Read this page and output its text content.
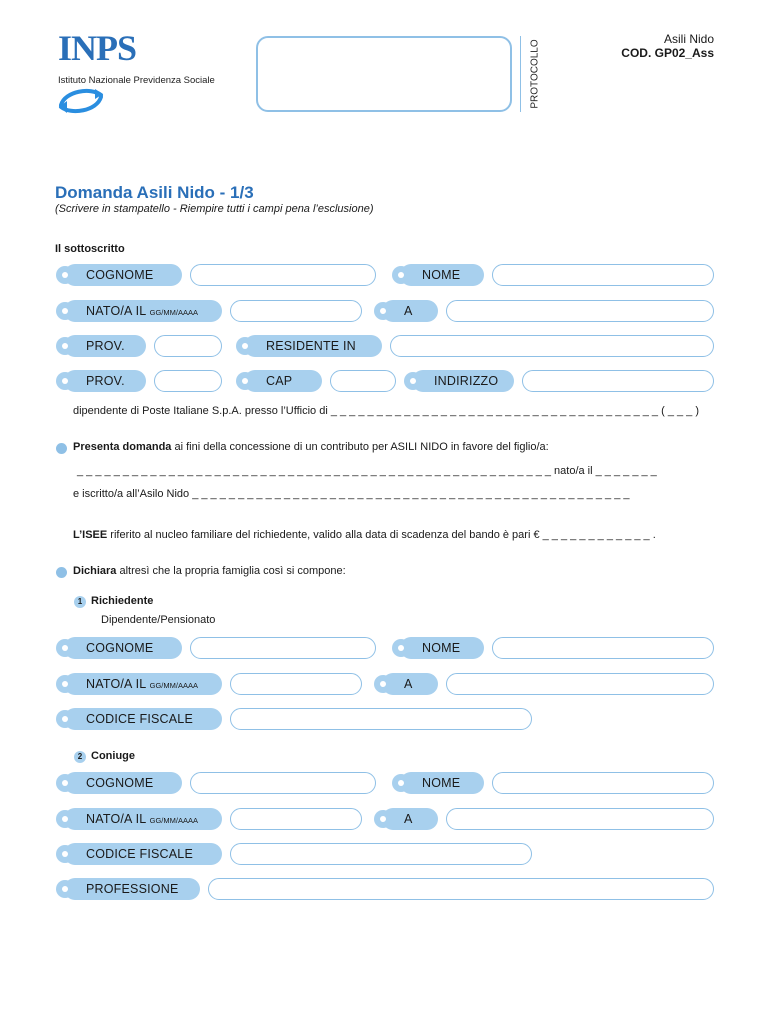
INPS
Istituto Nazionale Previdenza Sociale	PROTOCOLLO
Asili Nido
COD. GP02_Ass
Domanda Asili Nido - 1/3
(Scrivere in stampatello - Riempire tutti i campi pena l’esclusione)
Il sottoscritto
COGNOME	NOME
NATO/A IL GG/MM/AAAA	A
PROV.	RESIDENTE IN
PROV.	CAP	INDIRIZZO
dipendente di Poste Italiane S.p.A. presso l’Ufficio di _ _ _ _ _ _ _ _ _ _ _ _ _ _ _ _ _ _ _ _ _ _ _ _ _ _ _ _ _ _ _ _ _ _ _ _ ( _ _ _ )
Presenta domanda ai fini della concessione di un contributo per ASILI NIDO in favore del figlio/a:
_ _ _ _ _ _ _ _ _ _ _ _ _ _ _ _ _ _ _ _ _ _ _ _ _ _ _ _ _ _ _ _ _ _ _ _ _ _ _ _ _ _ _ _ _ _ _ _ _ _ _ _ nato/a il _ _ _ _ _ _ _
e iscritto/a all’Asilo Nido _ _ _ _ _ _ _ _ _ _ _ _ _ _ _ _ _ _ _ _ _ _ _ _ _ _ _ _ _ _ _ _ _ _ _ _ _ _ _ _ _ _ _ _ _ _ _ _
L’ISEE riferito al nucleo familiare del richiedente, valido alla data di scadenza del bando è pari € _ _ _ _ _ _ _ _ _ _ _ _ .
Dichiara altresì che la propria famiglia così si compone:
1 Richiedente
Dipendente/Pensionato
COGNOME	NOME
NATO/A IL GG/MM/AAAA	A
CODICE FISCALE
2 Coniuge
COGNOME	NOME
NATO/A IL GG/MM/AAAA	A
CODICE FISCALE
PROFESSIONE
